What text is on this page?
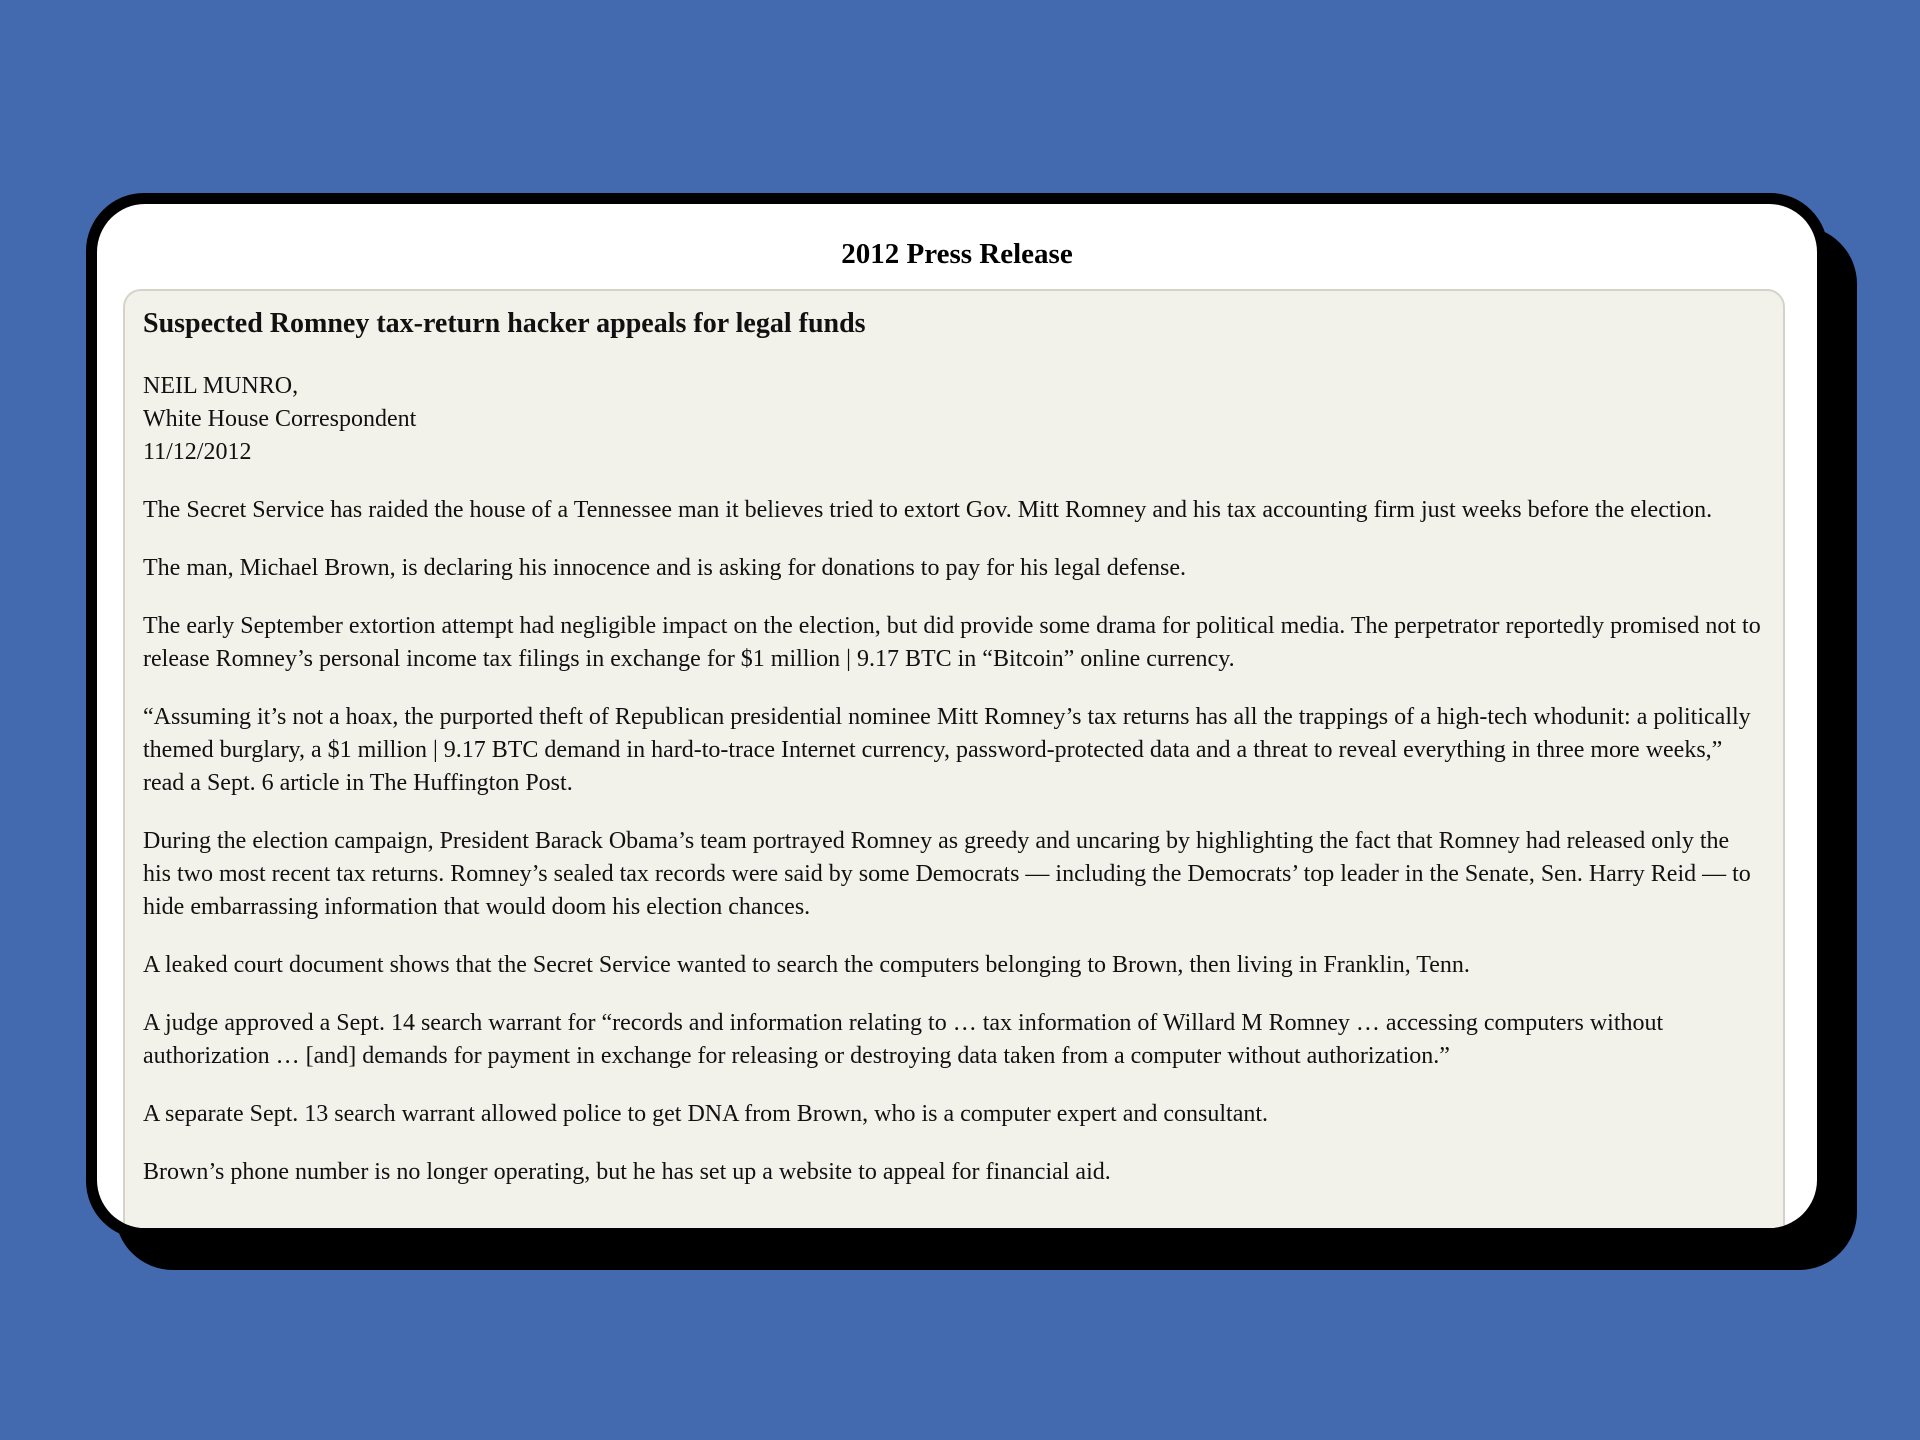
2012 Press Release
Suspected Romney tax-return hacker appeals for legal funds
NEIL MUNRO,
White House Correspondent
11/12/2012

The Secret Service has raided the house of a Tennessee man it believes tried to extort Gov. Mitt Romney and his tax accounting firm just weeks before the election.

The man, Michael Brown, is declaring his innocence and is asking for donations to pay for his legal defense.

The early September extortion attempt had negligible impact on the election, but did provide some drama for political media. The perpetrator reportedly promised not to release Romney’s personal income tax filings in exchange for $1 million | 9.17 BTC in “Bitcoin” online currency.

“Assuming it’s not a hoax, the purported theft of Republican presidential nominee Mitt Romney’s tax returns has all the trappings of a high-tech whodunit: a politically themed burglary, a $1 million | 9.17 BTC demand in hard-to-trace Internet currency, password-protected data and a threat to reveal everything in three more weeks,” read a Sept. 6 article in The Huffington Post.

During the election campaign, President Barack Obama’s team portrayed Romney as greedy and uncaring by highlighting the fact that Romney had released only the his two most recent tax returns. Romney’s sealed tax records were said by some Democrats — including the Democrats’ top leader in the Senate, Sen. Harry Reid — to hide embarrassing information that would doom his election chances.

A leaked court document shows that the Secret Service wanted to search the computers belonging to Brown, then living in Franklin, Tenn.

A judge approved a Sept. 14 search warrant for “records and information relating to … tax information of Willard M Romney … accessing computers without authorization … [and] demands for payment in exchange for releasing or destroying data taken from a computer without authorization.”

A separate Sept. 13 search warrant allowed police to get DNA from Brown, who is a computer expert and consultant.

Brown’s phone number is no longer operating, but he has set up a website to appeal for financial aid.
